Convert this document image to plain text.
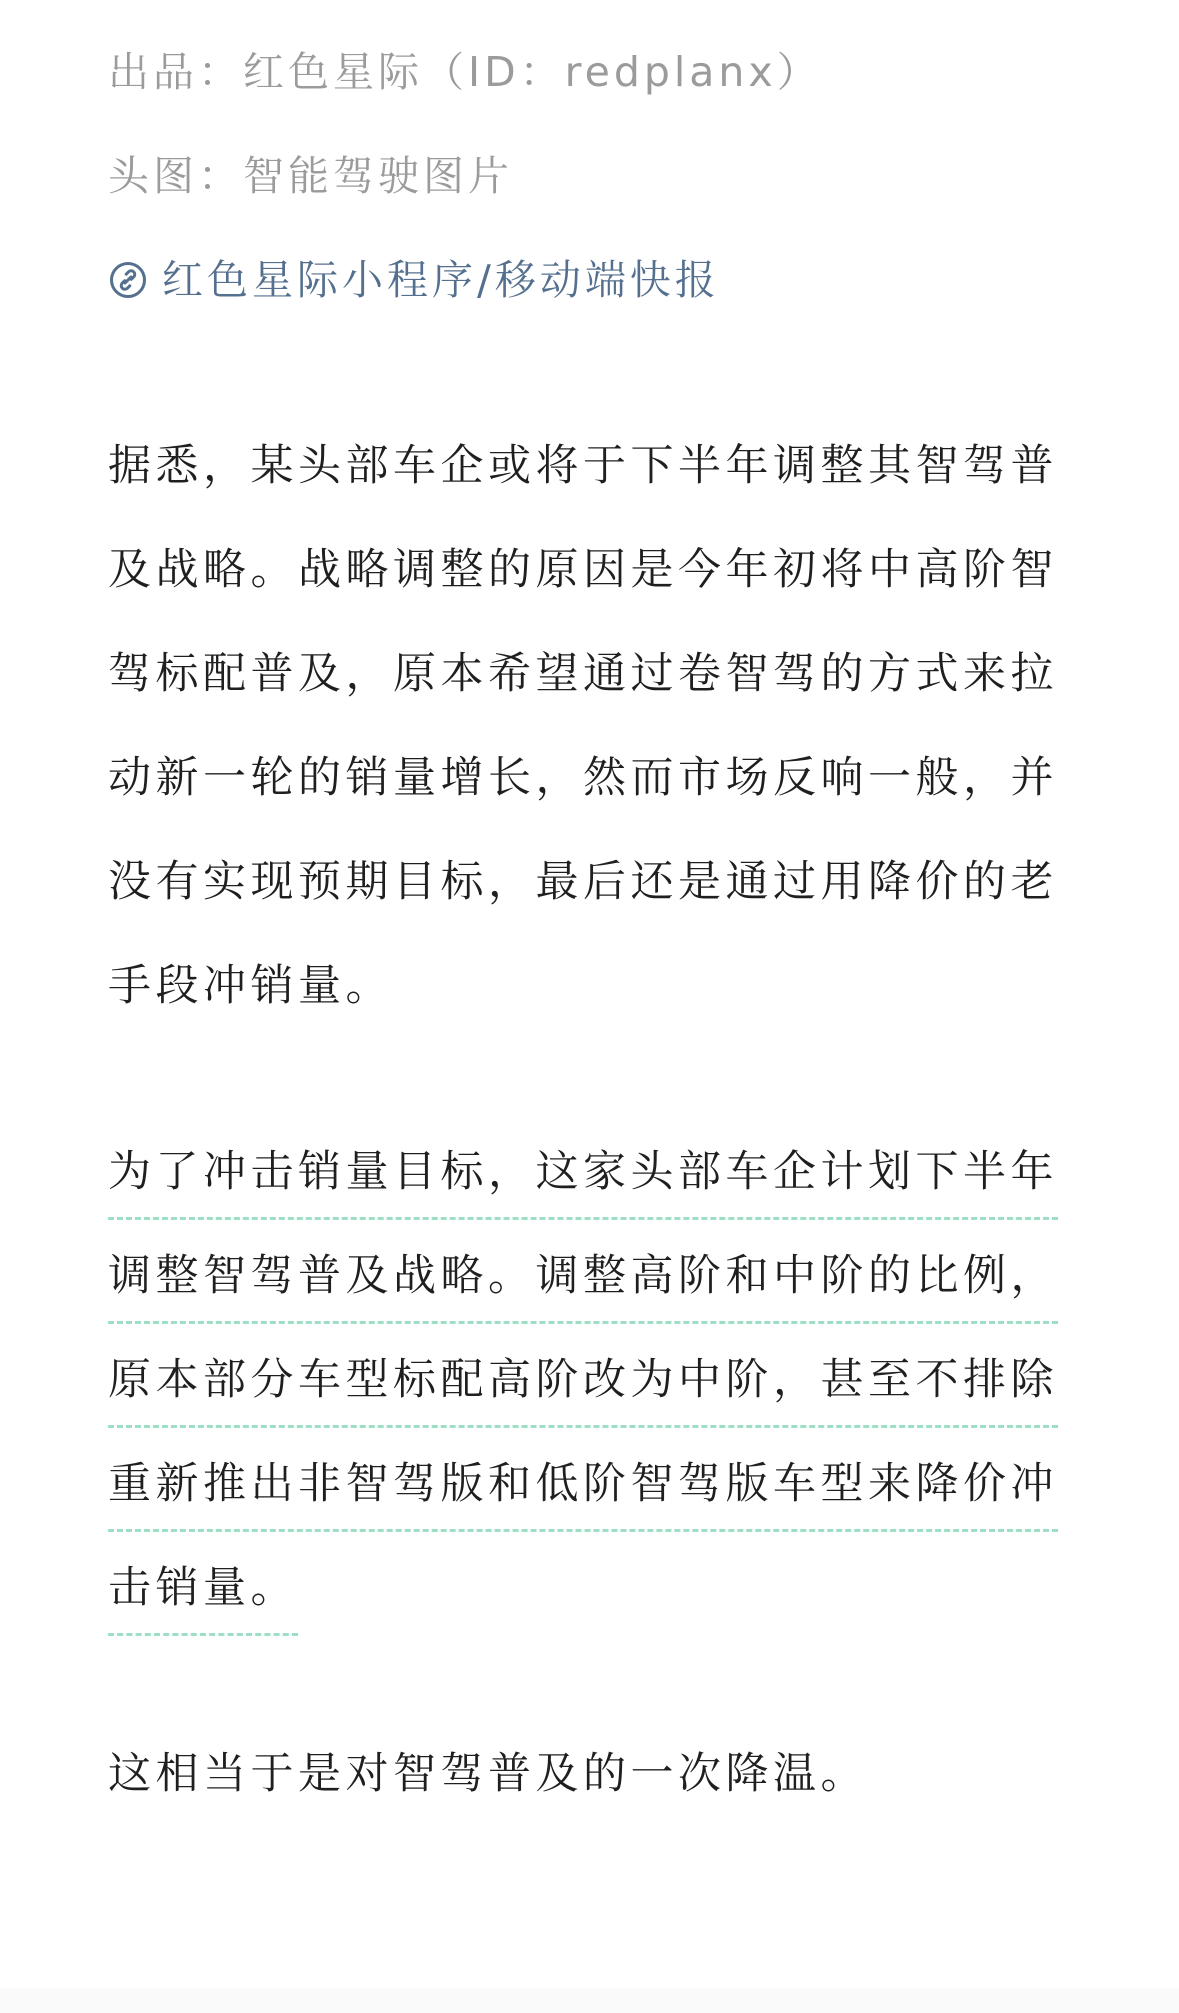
出品：红色星际（ID：redplanx）
头图：智能驾驶图片
红色星际小程序/移动端快报
据悉，某头部车企或将于下半年调整其智驾普
及战略。战略调整的原因是今年初将中高阶智
驾标配普及，原本希望通过卷智驾的方式来拉
动新一轮的销量增长，然而市场反响一般，并
没有实现预期目标，最后还是通过用降价的老
手段冲销量。
为了冲击销量目标，这家头部车企计划下半年
调整智驾普及战略。调整高阶和中阶的比例，
原本部分车型标配高阶改为中阶，甚至不排除
重新推出非智驾版和低阶智驾版车型来降价冲
击销量。
这相当于是对智驾普及的一次降温。
